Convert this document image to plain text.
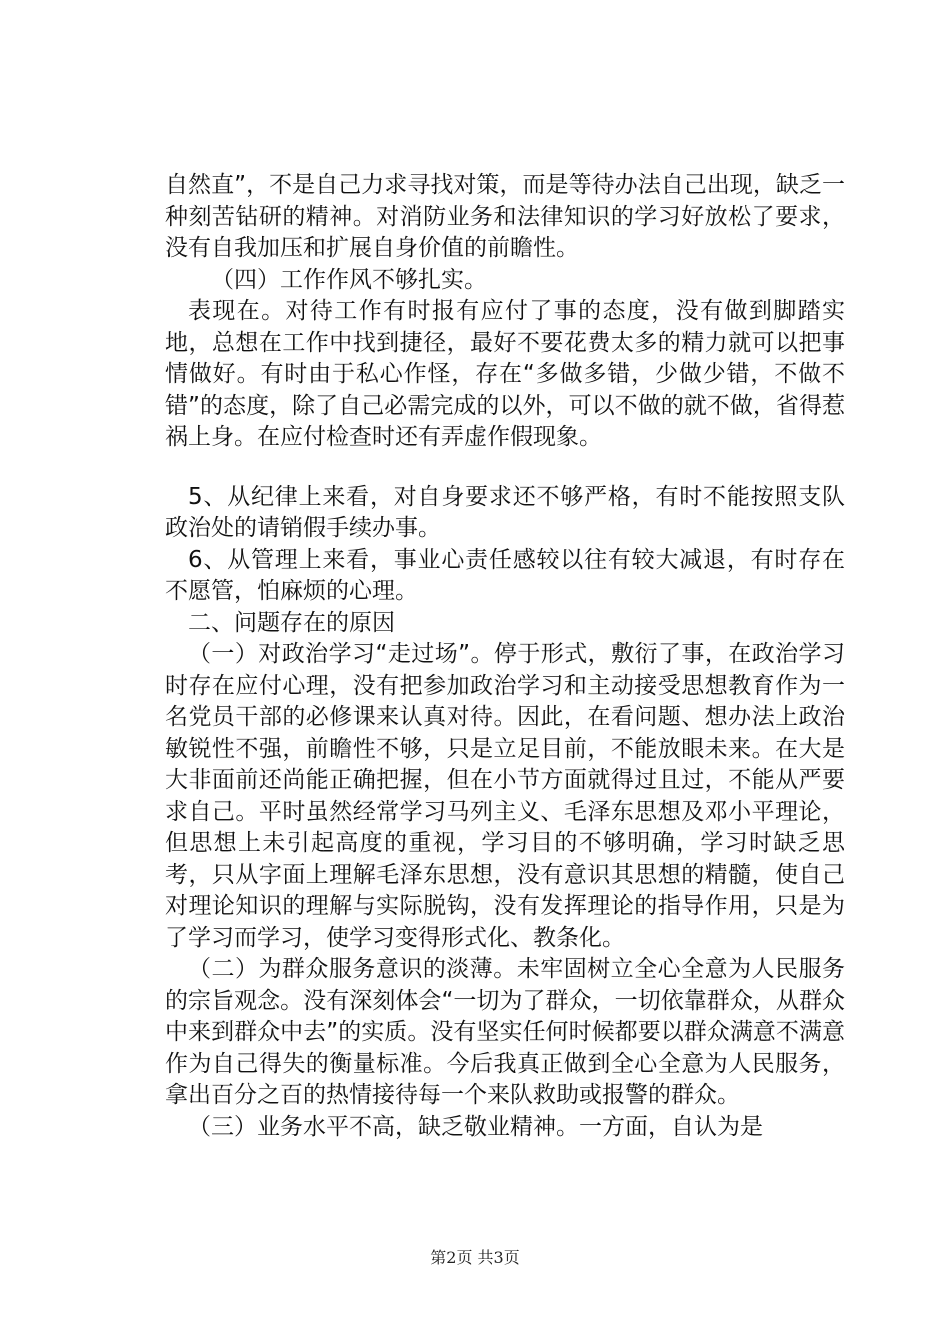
自然直”，不是自己力求寻找对策，而是等待办法自己出现，缺乏一种刻苦钻研的精神。对消防业务和法律知识的学习好放松了要求，没有自我加压和扩展自身价值的前瞻性。

（四）工作作风不够扎实。

表现在。对待工作有时报有应付了事的态度，没有做到脚踏实地，总想在工作中找到捷径，最好不要花费太多的精力就可以把事情做好。有时由于私心作怪，存在“多做多错，少做少错，不做不错”的态度，除了自己必需完成的以外，可以不做的就不做，省得惹祸上身。在应付检查时还有弄虚作假现象。

5、从纪律上来看，对自身要求还不够严格，有时不能按照支队政治处的请销假手续办事。

6、从管理上来看，事业心责任感较以往有较大减退，有时存在不愿管，怕麻烦的心理。

二、问题存在的原因

（一）对政治学习“走过场”。停于形式，敷衍了事，在政治学习时存在应付心理，没有把参加政治学习和主动接受思想教育作为一名党员干部的必修课来认真对待。因此，在看问题、想办法上政治敏锐性不强，前瞻性不够，只是立足目前，不能放眼未来。在大是大非面前还尚能正确把握，但在小节方面就得过且过，不能从严要求自己。平时虽然经常学习马列主义、毛泽东思想及邓小平理论，但思想上未引起高度的重视，学习目的不够明确，学习时缺乏思考，只从字面上理解毛泽东思想，没有意识其思想的精髓，使自己对理论知识的理解与实际脱钩，没有发挥理论的指导作用，只是为了学习而学习，使学习变得形式化、教条化。

（二）为群众服务意识的淡薄。未牢固树立全心全意为人民服务的宗旨观念。没有深刻体会“一切为了群众，一切依靠群众，从群众中来到群众中去”的实质。没有坚实任何时候都要以群众满意不满意作为自己得失的衡量标准。今后我真正做到全心全意为人民服务，拿出百分之百的热情接待每一个来队救助或报警的群众。

（三）业务水平不高，缺乏敬业精神。一方面，自认为是

第2页 共3页
